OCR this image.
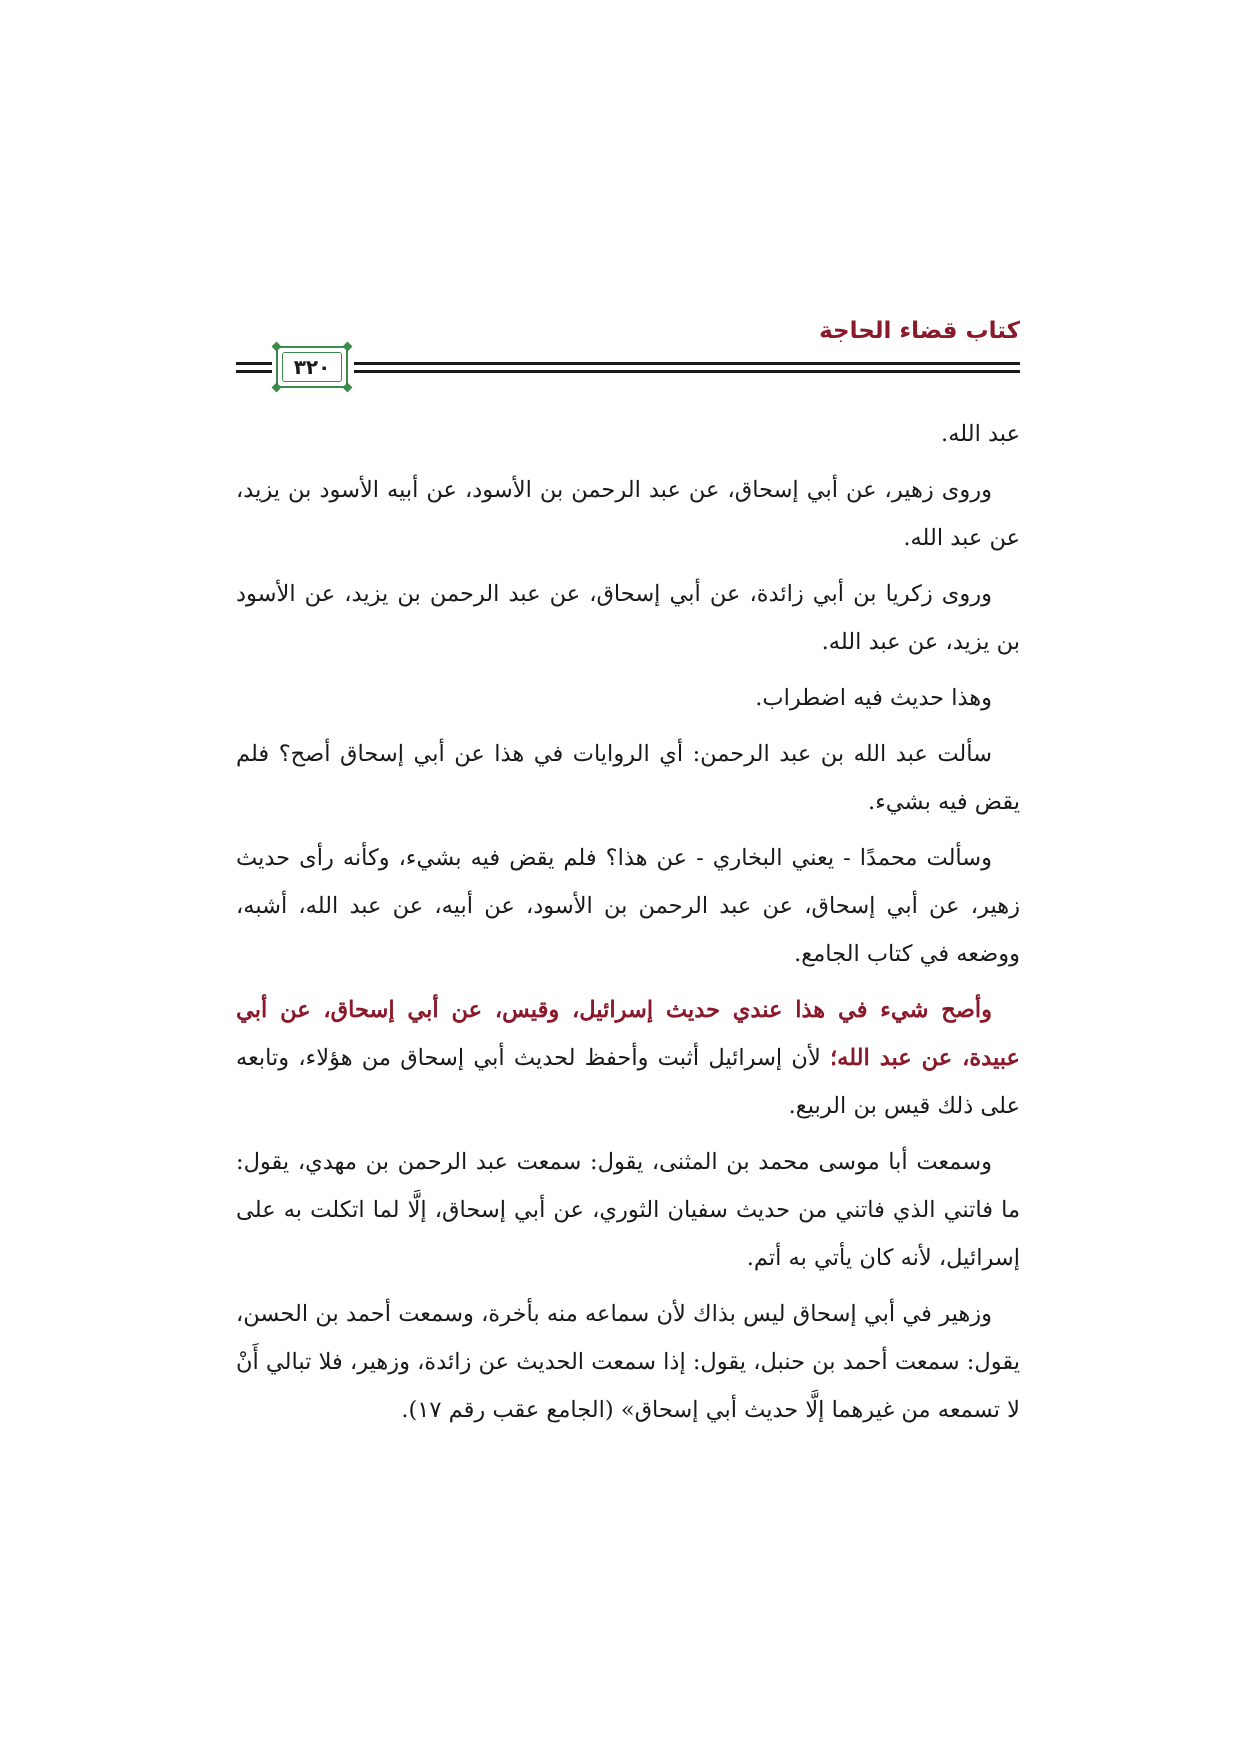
كتاب قضاء الحاجة
٣٢٠

عبد الله.

وروى زهير، عن أبي إسحاق، عن عبد الرحمن بن الأسود، عن أبيه الأسود بن يزيد، عن عبد الله.

وروى زكريا بن أبي زائدة، عن أبي إسحاق، عن عبد الرحمن بن يزيد، عن الأسود بن يزيد، عن عبد الله.

وهذا حديث فيه اضطراب.

سألت عبد الله بن عبد الرحمن: أي الروايات في هذا عن أبي إسحاق أصح؟ فلم يقض فيه بشيء.

وسألت محمدًا - يعني البخاري - عن هذا؟ فلم يقض فيه بشيء، وكأنه رأى حديث زهير، عن أبي إسحاق، عن عبد الرحمن بن الأسود، عن أبيه، عن عبد الله، أشبه، ووضعه في كتاب الجامع.

وأصح شيء في هذا عندي حديث إسرائيل، وقيس، عن أبي إسحاق، عن أبي عبيدة، عن عبد الله؛ لأن إسرائيل أثبت وأحفظ لحديث أبي إسحاق من هؤلاء، وتابعه على ذلك قيس بن الربيع.

وسمعت أبا موسى محمد بن المثنى، يقول: سمعت عبد الرحمن بن مهدي، يقول: ما فاتني الذي فاتني من حديث سفيان الثوري، عن أبي إسحاق، إلَّا لما اتكلت به على إسرائيل، لأنه كان يأتي به أتم.

وزهير في أبي إسحاق ليس بذاك لأن سماعه منه بأخرة، وسمعت أحمد بن الحسن، يقول: سمعت أحمد بن حنبل، يقول: إذا سمعت الحديث عن زائدة، وزهير، فلا تبالي أَنْ لا تسمعه من غيرهما إلَّا حديث أبي إسحاق» (الجامع عقب رقم ١٧).
